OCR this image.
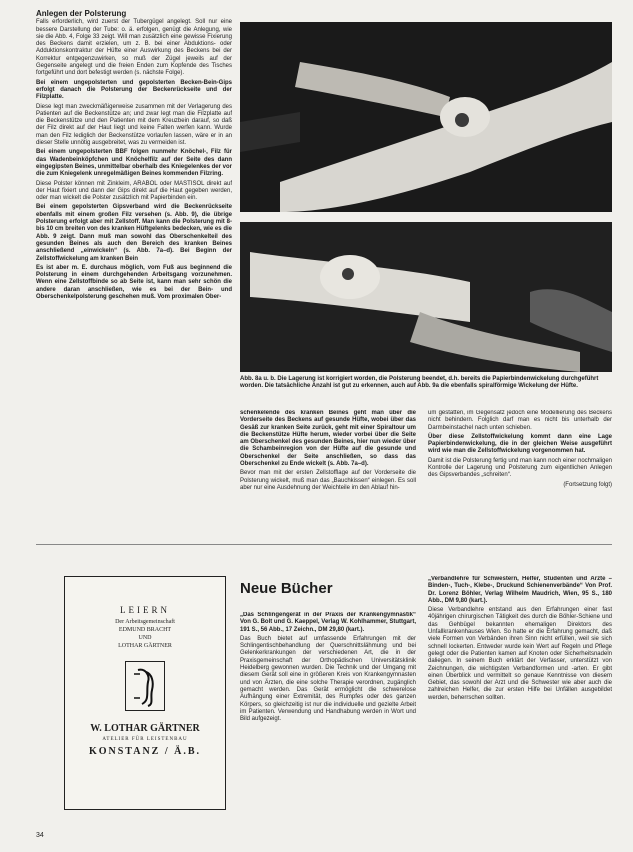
Anlegen der Polsterung

Falls erforderlich, wird zuerst der Tubergügel angelegt. Soll nur eine bessere Darstellung der Tube: o. ä. erfolgen, genügt die Anlegung, wie sie die Abb. 4, Folge 33 zeigt. Will man zusätzlich eine gewisse Fixierung des Beckens damit erzielen, um z. B. bei einer Abduktions- oder Adduktionskontraktur der Hüfte einer Auswirkung des Beckens bei der Korrektur entgegenzuwirken, so muß der Zügel jeweils auf der Gegenseite angelegt und die freien Enden zum Kopfende des Tisches fortgeführt und dort befestigt werden (s. nächste Folge).

Bei einem ungepolsterten und gepolsterten Becken-Bein-Gips erfolgt danach die Polsterung der Beckenrückseite und der Filzplatte.

Diese legt man zweckmäßigerweise zusammen mit der Verlagerung des Patienten auf die Beckenstütze an; und zwar legt man die Filzplatte auf die Beckenstütze und den Patienten mit dem Kreuzbein darauf, so daß der Filz direkt auf der Haut liegt und keine Falten werfen kann. Wurde man den Filz lediglich der Beckenstütze vorlaufen lassen, wäre er in an dieser Stelle unnötig ausgebreitet, was zu vermeiden ist.

Bei einem ungepolsterten BBF folgen nunmehr Knöchel-, Filz für das Wadenbeinköpfchen und Knöchelfilz auf der Seite des dann eingegipsten Beines, unmittelbar oberhalb des Kniegelenkes der vor die zum Kniegelenk unregelmäßigen Beines kommenden Filzring.

Diese Polster können mit Zinkleim, ARABOL oder MASTISOL direkt auf der Haut fixiert und dann der Gips direkt auf die Haut gegeben werden, oder man wickelt die Polster zusätzlich mit Papierbinden ein.

Bei einem gepolsterten Gipsverband wird die Beckenrückseite ebenfalls mit einem großen Filz versehen (s. Abb. 9), die übrige Polsterung erfolgt aber mit Zellstoff. Man kann die Polsterung mit 8-bis 10 cm breiten von des kranken Hüftgelenks bedecken, wie es die Abb. 9 zeigt. Dann muß man sowohl das Oberschenkelteil des gesunden Beines als auch den Bereich des kranken Beines anschließend „einwickeln“ (s. Abb. 7a–d). Bei Beginn der Zellstoffwickelung am kranken Bein

Es ist aber m. E. durchaus möglich, vom Fuß aus beginnend die Polsterung in einem durchgehenden Arbeitsgang vorzunehmen. Wenn eine Zellstoffbinde so ab Seite ist, kann man sehr schön die andere daran anschließen, wie es bei der Bein- und Oberschenkelpolsterung geschehen muß. Vom proximalen Ober-

Abb. 8a u. b. Die Lagerung ist korrigiert worden, die Polsterung beendet, d.h. bereits die Papierbindenwickelung durchgeführt worden. Die tatsächliche Anzahl ist gut zu erkennen, auch auf Abb. 9a die ebenfalls spiralförmige Wickelung der Hüfte.

schenkelende des kranken Beines geht man über die Vorderseite des Beckens auf gesunde Hüfte, wobei über das Gesäß zur kranken Seite zurück, geht mit einer Spiraltour um die Beckenstütze Hüfte herum, wieder vorbei über die Seite am Oberschenkel des gesunden Beines, hier nun wieder über die Schambeinregion von der Hüfte auf die gesunde und Oberschenkel der Seite anschließen, so dass das Oberschenkel zu Ende wickelt (s. Abb. 7a–d).

Bevor man mit der ersten Zellstofflage auf der Vorderseite die Polsterung wickelt, muß man das „Bauchkissen“ einlegen. Es soll aber nur eine Ausdehnung der Weichteile im den Ablauf hin-

um gestatten, im Gegensatz jedoch eine Modellierung des Beckens nicht behindern. Folglich darf man es nicht bis unterhalb der Darmbeinstachel nach unten schieben.

Über diese Zellstoffwickelung kommt dann eine Lage Papierbindenwickelung, die in der gleichen Weise ausgeführt wird wie man die Zellstoffwickelung vorgenommen hat.

Damit ist die Polsterung fertig und man kann noch einer nochmaligen Kontrolle der Lagerung und Polsterung zum eigentlichen Anlegen des Gipsverbandes „schreiten“.

(Fortsetzung folgt)

LEIERN
Der Arbeitsgemeinschaft
EDMUND BRACHT
UND
LOTHAR GÄRTNER
W. LOTHAR GÄRTNER
ATELIER FÜR LEISTENBAU
KONSTANZ / Ä.B.
Neue Bücher

„Das Schlingengerät in der Praxis der Krankengymnastik“ Von G. Bolt und G. Kaeppel, Verlag W. Kohlhammer, Stuttgart, 191 S., 56 Abb., 17 Zeichn., DM 29,80 (kart.).

Das Buch bietet auf umfassende Erfahrungen mit der Schlingentischbehandlung der Querschnittslähmung und bei Gelenkerkrankungen der verschiedenen Art, die in der Praxisgemeinschaft der Orthopädischen Universitätsklinik Heidelberg gewonnen wurden. Die Technik und der Umgang mit diesem Gerät soll eine in größeren Kreis von Krankengymnasten und von Ärzten, die eine solche Therapie verordnen, zugänglich gemacht werden. Das Gerät ermöglicht die schwerelose Aufhängung einer Extremität, des Rumpfes oder des ganzen Körpers, so gleichzeitig ist nur die individuelle und gezielte Arbeit im Patienten. Verwendung und Handhabung werden in Wort und Bild aufgezeigt.

„Verbandlehre für Schwestern, Helfer, Studenten und Ärzte – Binden-, Tuch-, Klebe-, Druckund Schienenverbände“ Von Prof. Dr. Lorenz Böhler, Verlag Wilhelm Maudrich, Wien, 95 S., 180 Abb., DM 9,80 (kart.).

Diese Verbandlehre entstand aus den Erfahrungen einer fast 40jährigen chirurgischen Tätigkeit des durch die Böhler-Schiene und das Gehbügel bekannten ehemaligen Direktors des Unfallkrankenhauses Wien. So hatte er die Erfahrung gemacht, daß viele Formen von Verbänden ihren Sinn nicht erfüllen, weil sie sich schnell lockerten. Entweder wurde kein Wert auf Regeln und Pflege gelegt oder die Patienten kamen auf Knoten oder Sicherheitsnadeln daliegen. In seinem Buch erklärt der Verfasser, unterstützt von Zeichnungen, die wichtigsten Verbandformen und -arten. Er gibt einen Überblick und vermittelt so genaue Kenntnisse von diesem Gebiet, das sowohl der Arzt und die Schwester wie aber auch die zahlreichen Helfer, die zur ersten Hilfe bei Unfällen ausgebildet werden, beherrschen sollten.

34
